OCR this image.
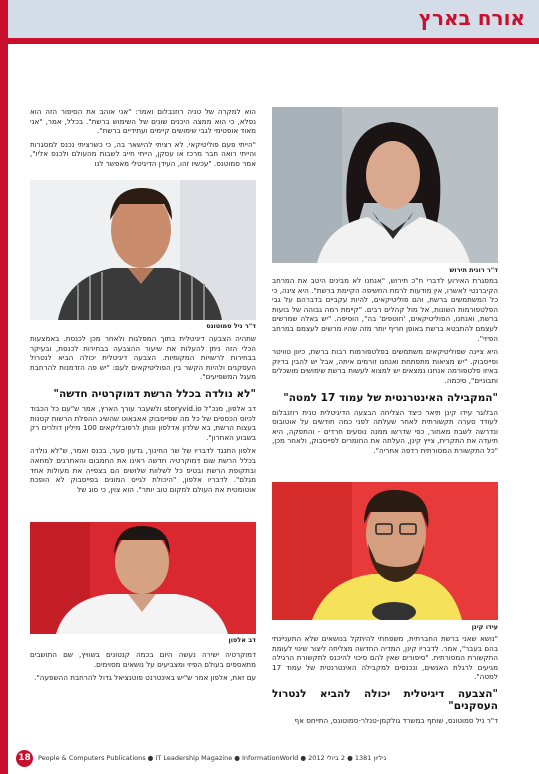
אורח בארץ
ד"ר רונית תירוש

במסגרת האירוע לדברי ח"כ תירוש, "אנחנו לא מבינים היטב את המרחב הקיברנטי לאשרו, אין מודעות לרמת החשיפה הקיימת ברשת". היא צינה, כי כל המשתמשים ברשת, והם פוליטיקאים, להיות עקביים בדברהם על גבי הפלטפורמות השונות, אל מול קהלים רבים. "קיימת רמה גבוהה של בועות ברשת, ואנחנו, הפוליטיקאים, 'חוטפים' בה", הוסיפה. "יש באלה שמרשים לעצמם להתבטא ברשת באופן חריף יותר מזה שהיו מרשים לעצמם במרחב הפיזי".

היא ציינה שפוליטיקאים משתמשים בפלטפורמות רבות ברשת, כיוון טוויטר ופייסבוק. "יש מציאות מתפתחת ואנחנו זורמים איתה, אבל יש להבין בדיוק באיזו פלטפורמה אנחנו נמצאים יש למצוא לעשות ברשת שימושים מושכלים ותבוניים", סיכמה.

"המקבילה האינטרנטית של עמוד 17 למטה"

הבלוגר עידו קינן תיאר כיצד הצליחה הבצעה הדיגיטלית טנית רוזנבלום לעודד סערה תקשורתית לאחר שעלתה לפני כמה חודשים על אוטובוס ונדרשה לשבת מאחור, כפי שדרשו ממנה נוסעים חרדים - והתפקה, היא תיעדה את התקרית, צייץ קינן, העלתה את החומרים לפייסבוק, ולאחר מכן, "כל התקשורת המסורתית רדפה אחריה".

עידו קינן

"נושא שאני ברשת החברתית, משפחתי להיתקל בנושאים שלא התעניינתי בהם בעבר", אמר. לדבריו קינן, המדיה החדשה מצליחה ליצור שינוי לעומת התקשורת המסורתית. "סיפורים שאין להם סיכוי להיכנס לתקשורת הרגילה מגיעים לרגלת האנשים, ונכנסים למקבילה האינטרנטית של עמוד 17 למטה".

"הצבעה דיגיטלית יכולה להביא לנטרול העסקנים"

ד"ר ניל סמוטונס, שותף במשרד גולקמן-טנלר-סמוטונס, התייחס אף

הוא למקרה של טניה רוזנבלום ואמר: "אני אוהב את הסיפור הזה הוא נפלא, כי הוא ממצה היכנים שונים של השימוש ברשת". בכלל, אמר, "אני מאוד אופטימי לגבי שימושים קיימים ועתידיים ברשת".

"הייתי פעם פוליטיקאי. לא רציתי להישאר בה, כי כשרציתי נכנס למסגרות והייתי רואה חבר מרכז או עסקן, הייתי חייב לשבות מהעולם ולכנס אליו", אמר סמוטנס. "עכשיו זהו, העידן הדיגיטלי מאפשר לנו

ד"ר ניל סמוטונס

שתהיה הצבעה דיגיטלית בתוך המפלגות ולאחר מכן לכנסת. באמצעות הכלי הזה ניתן להעלות את שיעור ההצבעה בבחירות לכנסת, ובעיקר בבחירות לרשויות המקומיות. הצבעה דיגיטלית יכולה הביא לנטרול העסקנים ולהיות הקשר בין הפוליטיקאים לעם: "יש פה הזדמנות להרחבת מעגל המשפיעים".

"לא נולדה בכלל הרשת דמוקרטיה חדשה"

דב אלפון, מנכ"ל storyvid.io ולשעבר עורך הארץ, אמר ש"עם כל הכבוד לכיוס הכספים של כל מה שפייסבוק אאבאוט שהשיג ההפלת הרשות קטנות בעצות הרשת, בא שלדון אדלסון ונותן לרפובליקאים 100 מיליון דולרים רק בשבוע האחרון".

אלפון התנגד לדבריו של שר החינוך, גדעון סער, בכנס ואמר, ש"לא נולדה בכלל הרשת שום דמוקרטיה חדשה ראינו את החמבום והאתרגים למחאה ובתקופת הרשת ובטיפ כל לשלוות שלושים הם בצפייה את מעולות אחד מגלם". לדבריו אלפון, "היכולת לגייס המונים בפייסבוק לא הופכת אוטומטית את העולם למקום טוב יותר". הוא צוין, כי סוג של

דב אלפון

דמוקרטיה ישירה נעשה היום בכמה קנטונים בשוויץ, שם התושבים מתאספים בעולם הפיזי ומצביעים על נושאים מסוימים.

עם זאת, אלפון אמר ש"יש באינטרנט פוטנציאל גדול להרחבת ההשפעה".

18	People & Computers Publications ● IT Leadership Magazine ● InformationWorld ● 2012 גיליון 1381 ● 2 ביולי
